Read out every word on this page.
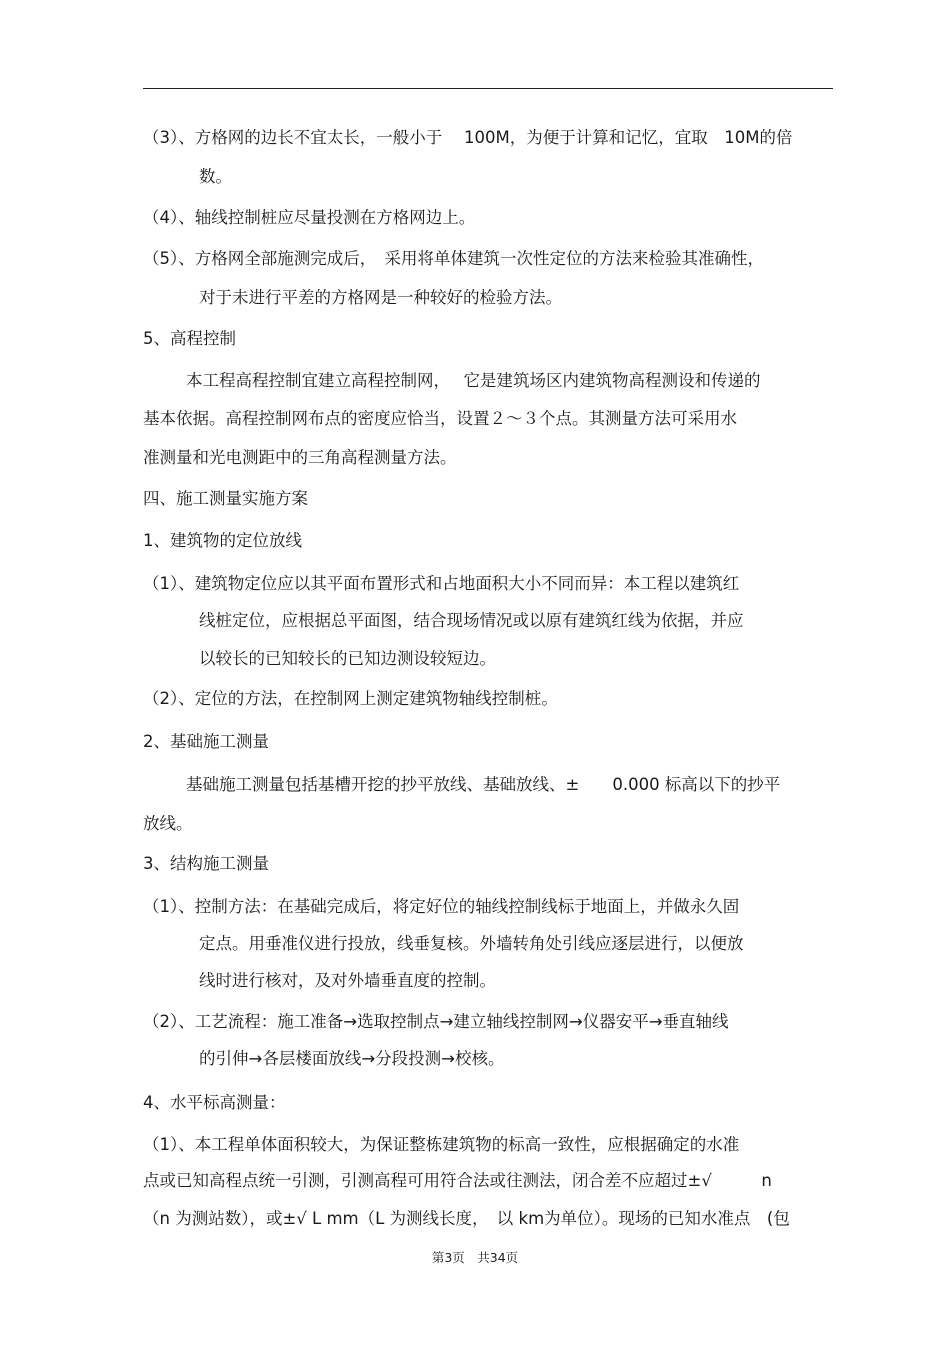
（3）、方格网的边长不宜太长，一般小于　 100M，为便于计算和记忆，宜取　10M的倍
数。
（4）、轴线控制桩应尽量投测在方格网边上。
（5）、方格网全部施测完成后，　采用将单体建筑一次性定位的方法来检验其准确性，
对于未进行平差的方格网是一种较好的检验方法。
5、高程控制
本工程高程控制宜建立高程控制网，　 它是建筑场区内建筑物高程测设和传递的
基本依据。高程控制网布点的密度应恰当，设置２～３个点。其测量方法可采用水
准测量和光电测距中的三角高程测量方法。
四、施工测量实施方案
1、建筑物的定位放线
（1）、建筑物定位应以其平面布置形式和占地面积大小不同而异：本工程以建筑红
线桩定位，应根据总平面图，结合现场情况或以原有建筑红线为依据，并应
以较长的已知较长的已知边测设较短边。
（2）、定位的方法，在控制网上测定建筑物轴线控制桩。
2、基础施工测量
基础施工测量包括基槽开挖的抄平放线、基础放线、±　　0.000 标高以下的抄平
放线。
3、结构施工测量
（1）、控制方法：在基础完成后，将定好位的轴线控制线标于地面上，并做永久固
定点。用垂准仪进行投放，线垂复核。外墙转角处引线应逐层进行，以便放
线时进行核对，及对外墙垂直度的控制。
（2）、工艺流程：施工准备→选取控制点→建立轴线控制网→仪器安平→垂直轴线
的引伸→各层楼面放线→分段投测→校核。
4、水平标高测量：
（1）、本工程单体面积较大，为保证整栋建筑物的标高一致性，应根据确定的水准
点或已知高程点统一引测，引测高程可用符合法或往测法，闭合差不应超过±√　　　n
（n 为测站数），或±√ L mm（L 为测线长度，　以 km为单位）。现场的已知水准点　(包
第3页　共34页
